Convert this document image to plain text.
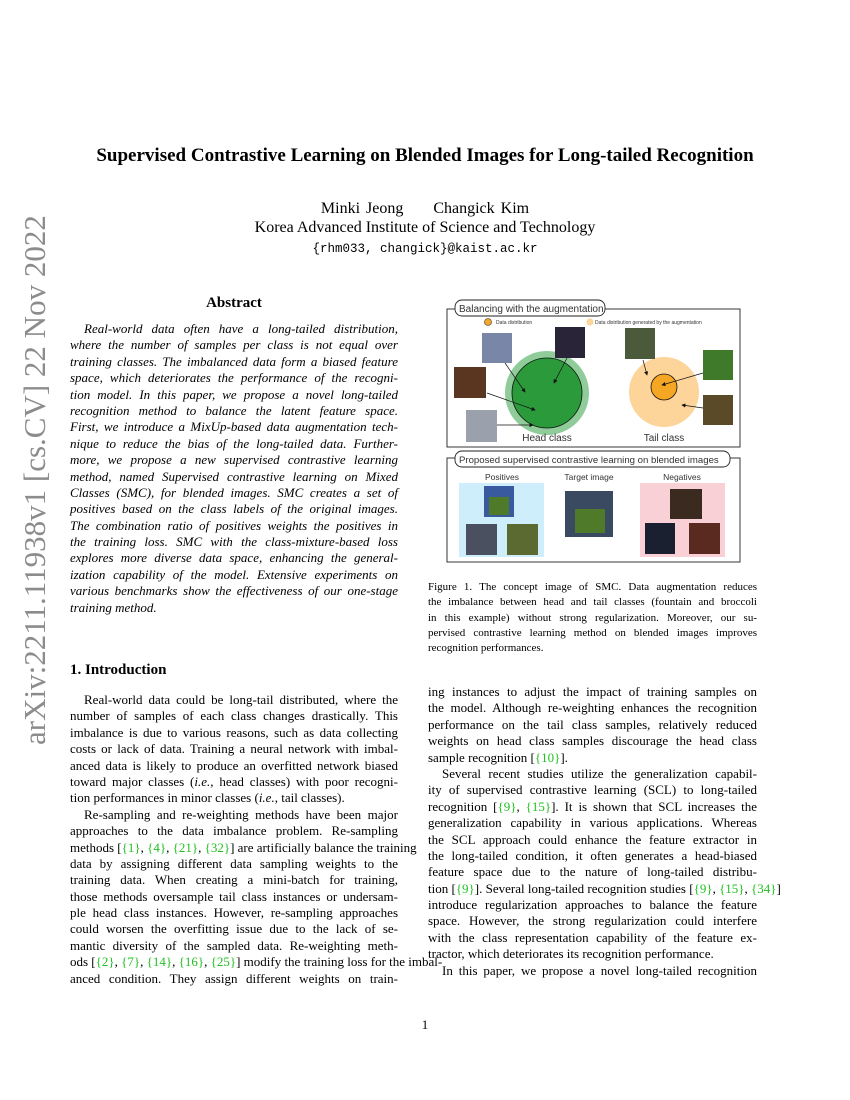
arXiv:2211.11938v1 [cs.CV] 22 Nov 2022
Supervised Contrastive Learning on Blended Images for Long-tailed Recognition
Minki Jeong     Changick Kim
Korea Advanced Institute of Science and Technology
{rhm033, changick}@kaist.ac.kr
Abstract
Real-world data often have a long-tailed distribution,
where the number of samples per class is not equal over
training classes. The imbalanced data form a biased feature
space, which deteriorates the performance of the recogni-
tion model. In this paper, we propose a novel long-tailed
recognition method to balance the latent feature space.
First, we introduce a MixUp-based data augmentation tech-
nique to reduce the bias of the long-tailed data. Further-
more, we propose a new supervised contrastive learning
method, named Supervised contrastive learning on Mixed
Classes (SMC), for blended images. SMC creates a set of
positives based on the class labels of the original images.
The combination ratio of positives weights the positives in
the training loss. SMC with the class-mixture-based loss
explores more diverse data space, enhancing the general-
ization capability of the model. Extensive experiments on
various benchmarks show the effectiveness of our one-stage
training method.
1. Introduction
Real-world data could be long-tail distributed, where the
number of samples of each class changes drastically. This
imbalance is due to various reasons, such as data collecting
costs or lack of data. Training a neural network with imbal-
anced data is likely to produce an overfitted network biased
toward major classes (i.e., head classes) with poor recogni-
tion performances in minor classes (i.e., tail classes).
Re-sampling and re-weighting methods have been major
approaches to the data imbalance problem. Re-sampling
methods [{1}, {4}, {21}, {32}] are artificially balance the training
data by assigning different data sampling weights to the
training data. When creating a mini-batch for training,
those methods oversample tail class instances or undersam-
ple head class instances. However, re-sampling approaches
could worsen the overfitting issue due to the lack of se-
mantic diversity of the sampled data. Re-weighting meth-
ods [{2}, {7}, {14}, {16}, {25}] modify the training loss for the imbal-
anced condition. They assign different weights on train-
ing instances to adjust the impact of training samples on
the model. Although re-weighting enhances the recognition
performance on the tail class samples, relatively reduced
weights on head class samples discourage the head class
sample recognition [{10}].
Several recent studies utilize the generalization capabil-
ity of supervised contrastive learning (SCL) to long-tailed
recognition [{9}, {15}]. It is shown that SCL increases the
generalization capability in various applications. Whereas
the SCL approach could enhance the feature extractor in
the long-tailed condition, it often generates a head-biased
feature space due to the nature of long-tailed distribu-
tion [{9}]. Several long-tailed recognition studies [{9}, {15}, {34}]
introduce regularization approaches to balance the feature
space. However, the strong regularization could interfere
with the class representation capability of the feature ex-
tractor, which deteriorates its recognition performance.
In this paper, we propose a novel long-tailed recognition
Balancing with the augmentation
Data distribution	Data distribution generated by the augmentation
Head class	Tail class
Proposed supervised contrastive learning on blended images
Positives	Target image	Negatives
Figure 1. The concept image of SMC. Data augmentation reduces
the imbalance between head and tail classes (fountain and broccoli
in this example) without strong regularization. Moreover, our su-
pervised contrastive learning method on blended images improves
recognition performances.
1
